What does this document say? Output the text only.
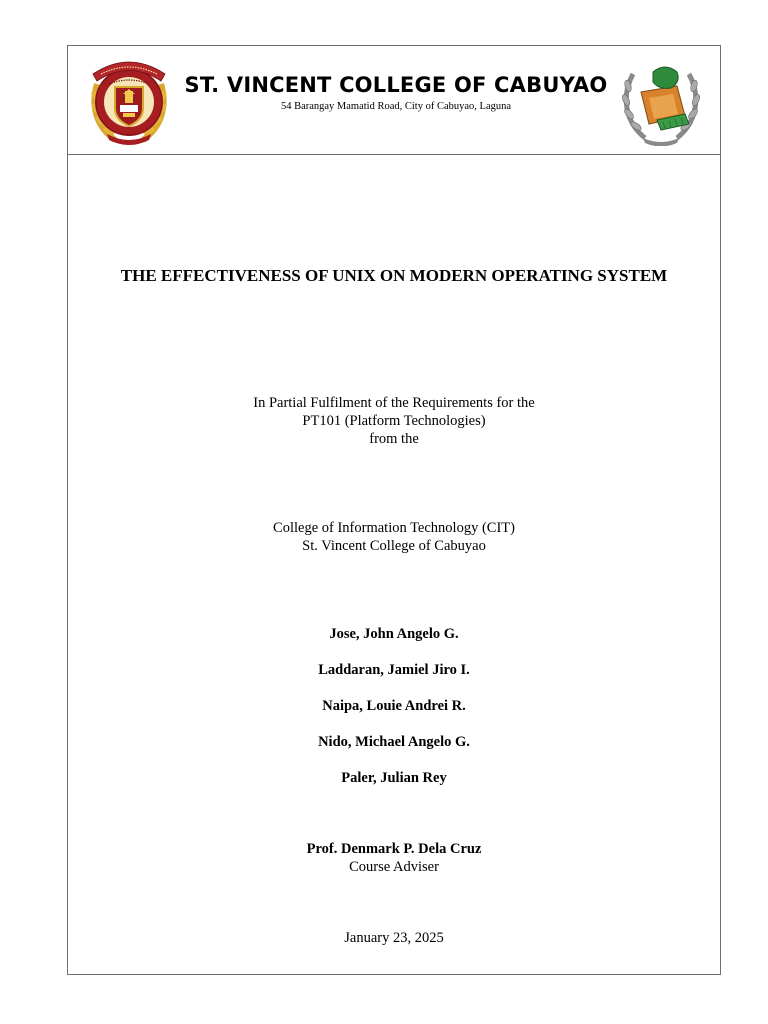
ST. VINCENT COLLEGE OF CABUYAO
54 Barangay Mamatid Road, City of Cabuyao, Laguna
THE EFFECTIVENESS OF UNIX ON MODERN OPERATING SYSTEM
In Partial Fulfilment of the Requirements for the
PT101 (Platform Technologies)
from the
College of Information Technology (CIT)
St. Vincent College of Cabuyao
Jose, John Angelo G.
Laddaran, Jamiel Jiro I.
Naipa, Louie Andrei R.
Nido, Michael Angelo G.
Paler, Julian Rey
Prof. Denmark P. Dela Cruz
Course Adviser
January 23, 2025
